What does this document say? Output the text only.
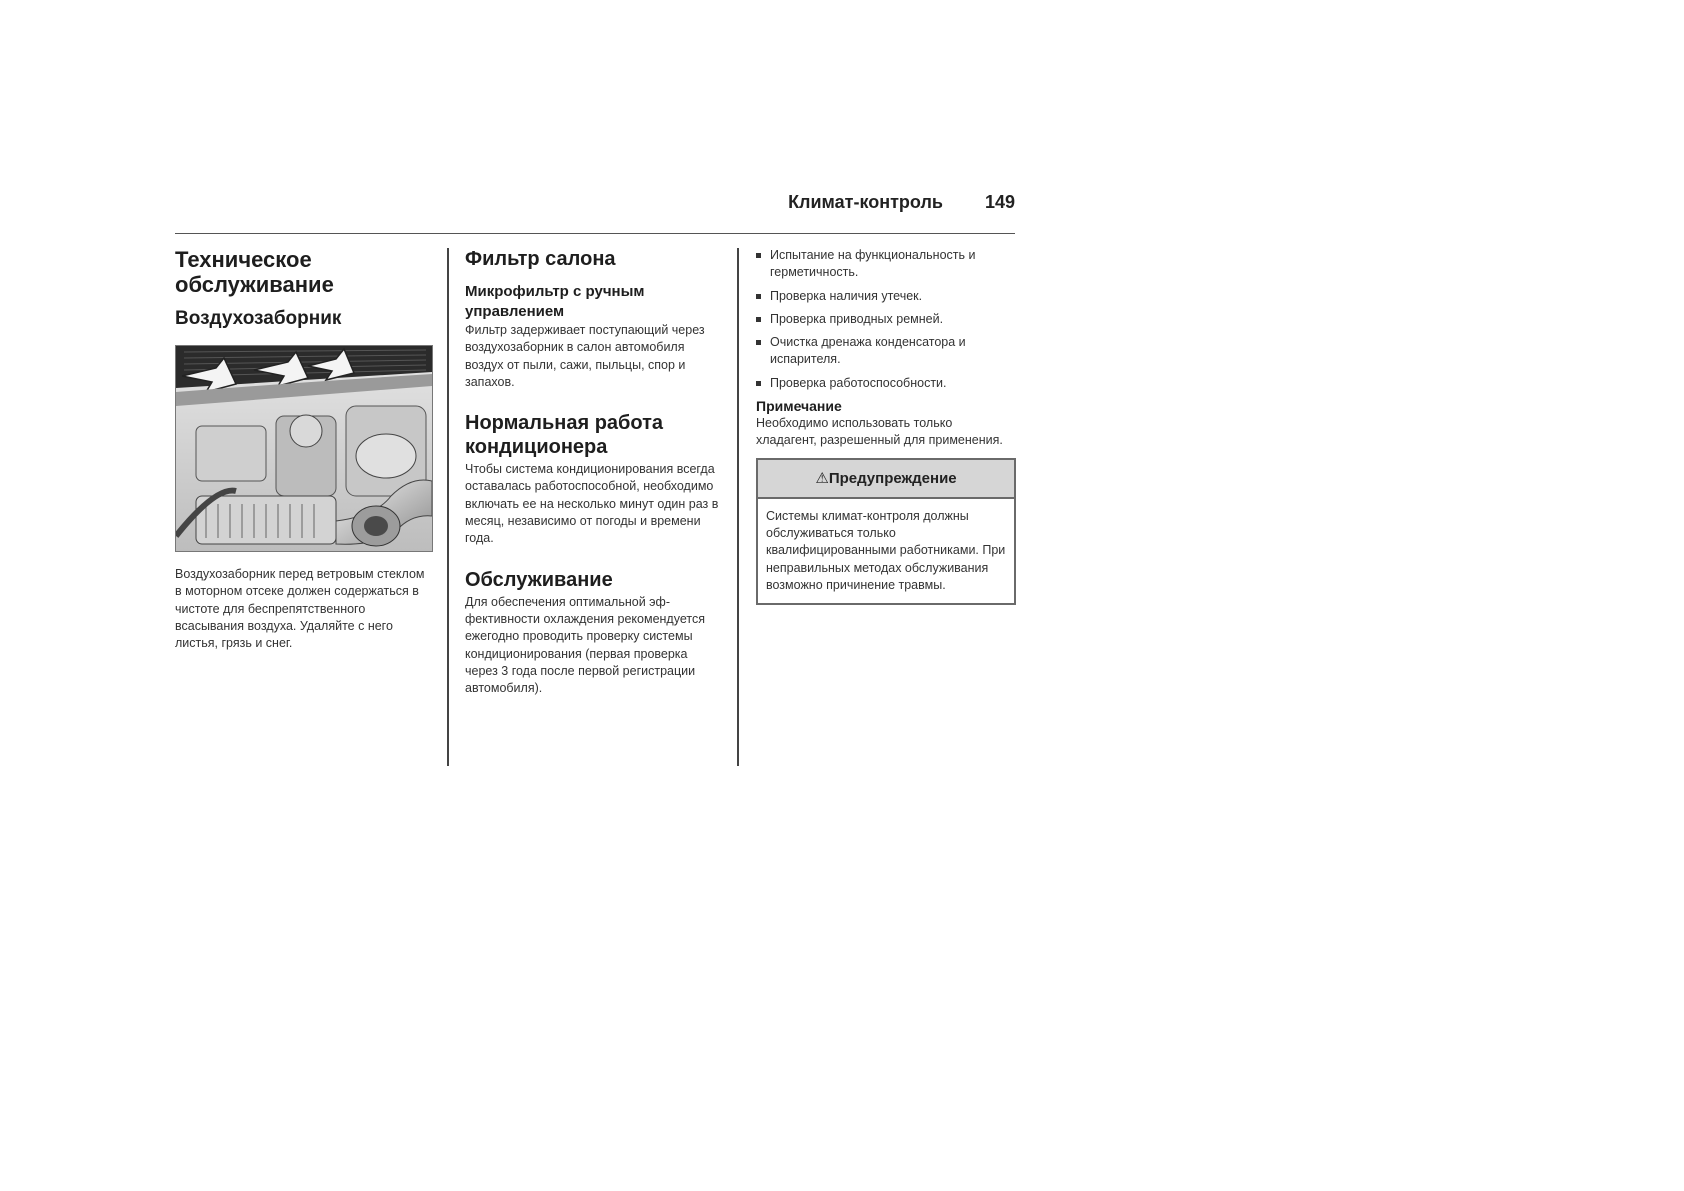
Климат-контроль 149
Техническое обслуживание
Воздухозаборник

Воздухозаборник перед ветровым стеклом в моторном отсеке должен содержаться в чистоте для беспрепятственного всасывания воздуха. Удаляйте с него листья, грязь и снег.

Фильтр салона
Микрофильтр с ручным управлением

Фильтр задерживает поступающий через воздухозаборник в салон автомобиля воздух от пыли, сажи, пыльцы, спор и запахов.

Нормальная работа кондиционера

Чтобы система кондиционирования всегда оставалась работоспособной, необходимо включать ее на несколько минут один раз в месяц, независимо от погоды и времени года.

Обслуживание

Для обеспечения оптимальной эффективности охлаждения рекомендуется ежегодно проводить проверку системы кондиционирования (первая проверка через 3 года после первой регистрации автомобиля).

Испытание на функциональность и герметичность.
Проверка наличия утечек.
Проверка приводных ремней.
Очистка дренажа конденсатора и испарителя.
Проверка работоспособности.
Примечание

Необходимо использовать только хладагент, разрешенный для применения.

⚠Предупреждение
Системы климат-контроля должны обслуживаться только квалифицированными работниками. При неправильных методах обслуживания возможно причинение травмы.
